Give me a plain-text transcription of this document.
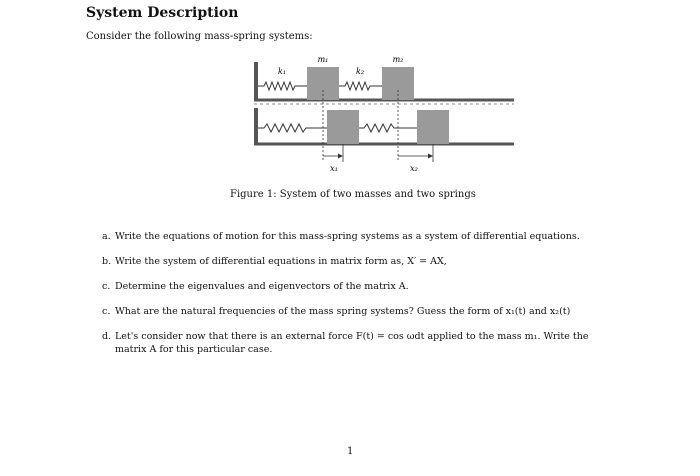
System Description
Consider the following mass-spring systems:
k₁	k₂
m₁	m₂
x₁	x₂
Figure 1: System of two masses and two springs
a. Write the equations of motion for this mass-spring systems as a system of differential equations.
b. Write the system of differential equations in matrix form as, X′ = AX,
c. Determine the eigenvalues and eigenvectors of the matrix A.
c. What are the natural frequencies of the mass spring systems? Guess the form of x₁(t) and x₂(t)
d. Let's consider now that there is an external force F(t) = cos ωdt applied to the mass m₁. Write the
matrix A for this particular case.
1
